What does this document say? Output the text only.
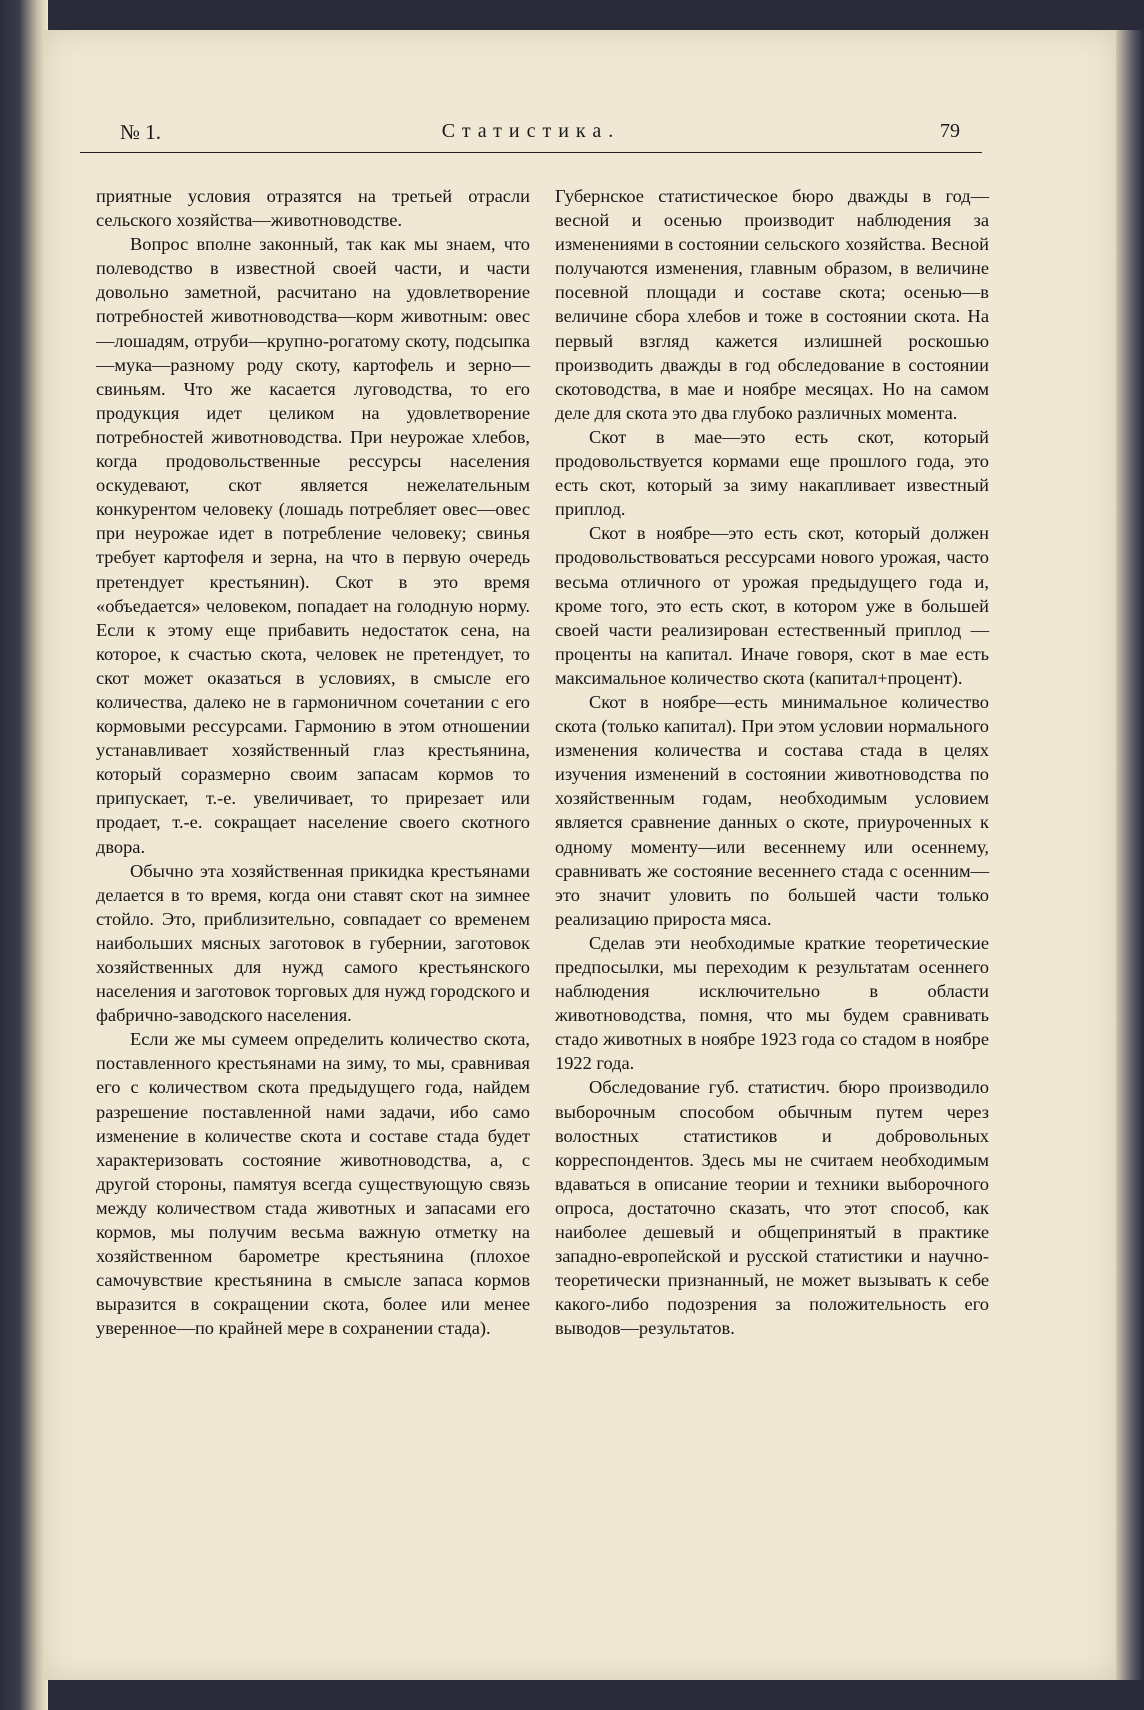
№ 1.	Статистика.	79

приятные условия отразятся на третьей отрасли сельского хозяйства—животноводстве.

Вопрос вполне законный, так как мы знаем, что полеводство в известной своей части, и части довольно заметной, расчитано на удовлетворение потребностей животноводства—корм животным: овес—лошадям, отруби—крупно-рогатому скоту, подсыпка—мука—разному роду скоту, картофель и зерно—свиньям. Что же касается луговодства, то его продукция идет целиком на удовлетворение потребностей животноводства. При неурожае хлебов, когда продовольственные рессурсы населения оскудевают, скот является нежелательным конкурентом человеку (лошадь потребляет овес—овес при неурожае идет в потребление человеку; свинья требует картофеля и зерна, на что в первую очередь претендует крестьянин). Скот в это время «объедается» человеком, попадает на голодную норму. Если к этому еще прибавить недостаток сена, на которое, к счастью скота, человек не претендует, то скот может оказаться в условиях, в смысле его количества, далеко не в гармоничном сочетании с его кормовыми рессурсами. Гармонию в этом отношении устанавливает хозяйственный глаз крестьянина, который соразмерно своим запасам кормов то припускает, т.-е. увеличивает, то прирезает или продает, т.-е. сокращает население своего скотного двора.

Обычно эта хозяйственная прикидка крестьянами делается в то время, когда они ставят скот на зимнее стойло. Это, приблизительно, совпадает со временем наибольших мясных заготовок в губернии, заготовок хозяйственных для нужд самого крестьянского населения и заготовок торговых для нужд городского и фабрично-заводского населения.

Если же мы сумеем определить количество скота, поставленного крестьянами на зиму, то мы, сравнивая его с количеством скота предыдущего года, найдем разрешение поставленной нами задачи, ибо само изменение в количестве скота и составе стада будет характеризовать состояние животноводства, а, с другой стороны, памятуя всегда существующую связь между количеством стада животных и запасами его кормов, мы получим весьма важную отметку на хозяйственном барометре крестьянина (плохое самочувствие крестьянина в смысле запаса кормов выразится в сокращении скота, более или менее уверенное—по крайней мере в сохранении стада).

Губернское статистическое бюро дважды в год—весной и осенью производит наблюдения за изменениями в состоянии сельского хозяйства. Весной получаются изменения, главным образом, в величине посевной площади и составе скота; осенью—в величине сбора хлебов и тоже в состоянии скота. На первый взгляд кажется излишней роскошью производить дважды в год обследование в состоянии скотоводства, в мае и ноябре месяцах. Но на самом деле для скота это два глубоко различных момента.

Скот в мае—это есть скот, который продовольствуется кормами еще прошлого года, это есть скот, который за зиму накапливает известный приплод.

Скот в ноябре—это есть скот, который должен продовольствоваться рессурсами нового урожая, часто весьма отличного от урожая предыдущего года и, кроме того, это есть скот, в котором уже в большей своей части реализирован естественный приплод — проценты на капитал. Иначе говоря, скот в мае есть максимальное количество скота (капитал+процент).

Скот в ноябре—есть минимальное количество скота (только капитал). При этом условии нормального изменения количества и состава стада в целях изучения изменений в состоянии животноводства по хозяйственным годам, необходимым условием является сравнение данных о скоте, приуроченных к одному моменту—или весеннему или осеннему, сравнивать же состояние весеннего стада с осенним—это значит уловить по большей части только реализацию прироста мяса.

Сделав эти необходимые краткие теоретические предпосылки, мы переходим к результатам осеннего наблюдения исключительно в области животноводства, помня, что мы будем сравнивать стадо животных в ноябре 1923 года со стадом в ноябре 1922 года.

Обследование губ. статистич. бюро производило выборочным способом обычным путем через волостных статистиков и добровольных корреспондентов. Здесь мы не считаем необходимым вдаваться в описание теории и техники выборочного опроса, достаточно сказать, что этот способ, как наиболее дешевый и общепринятый в практике западно-европейской и русской статистики и научно-теоретически признанный, не может вызывать к себе какого-либо подозрения за положительность его выводов—результатов.
